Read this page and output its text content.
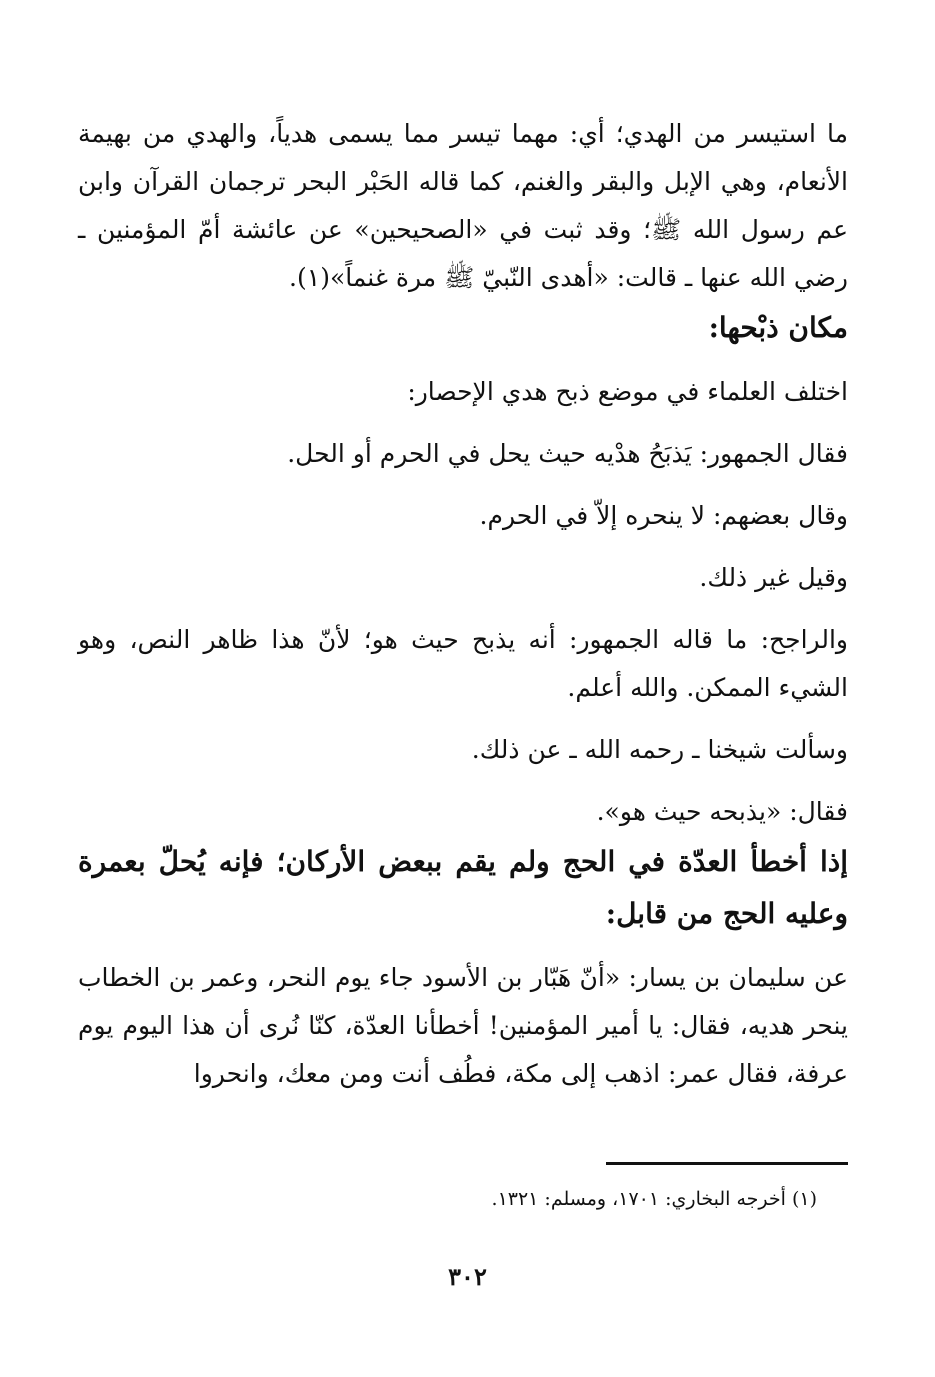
ما استيسر من الهدي؛ أي: مهما تيسر مما يسمى هدياً، والهدي من بهيمة الأنعام، وهي الإبل والبقر والغنم، كما قاله الحَبْر البحر ترجمان القرآن وابن عم رسول الله ﷺ؛ وقد ثبت في «الصحيحين» عن عائشة أمّ المؤمنين ـ رضي الله عنها ـ قالت: «أهدى النّبيّ ﷺ مرة غنماً»(١).

مكان ذبْحها:

اختلف العلماء في موضع ذبح هدي الإحصار:

فقال الجمهور: يَذبَحُ هدْيه حيث يحل في الحرم أو الحل.

وقال بعضهم: لا ينحره إلاّ في الحرم.

وقيل غير ذلك.

والراجح: ما قاله الجمهور: أنه يذبح حيث هو؛ لأنّ هذا ظاهر النص، وهو الشيء الممكن. والله أعلم.

وسألت شيخنا ـ رحمه الله ـ عن ذلك.

فقال: «يذبحه حيث هو».

إذا أخطأ العدّة في الحج ولم يقم ببعض الأركان؛ فإنه يُحلّ بعمرة وعليه الحج من قابل:

عن سليمان بن يسار: «أنّ هَبّار بن الأسود جاء يوم النحر، وعمر بن الخطاب ينحر هديه، فقال: يا أمير المؤمنين! أخطأنا العدّة، كنّا نُرى أن هذا اليوم يوم عرفة، فقال عمر: اذهب إلى مكة، فطُف أنت ومن معك، وانحروا

(١) أخرجه البخاري: ١٧٠١، ومسلم: ١٣٢١.
٣٠٢
